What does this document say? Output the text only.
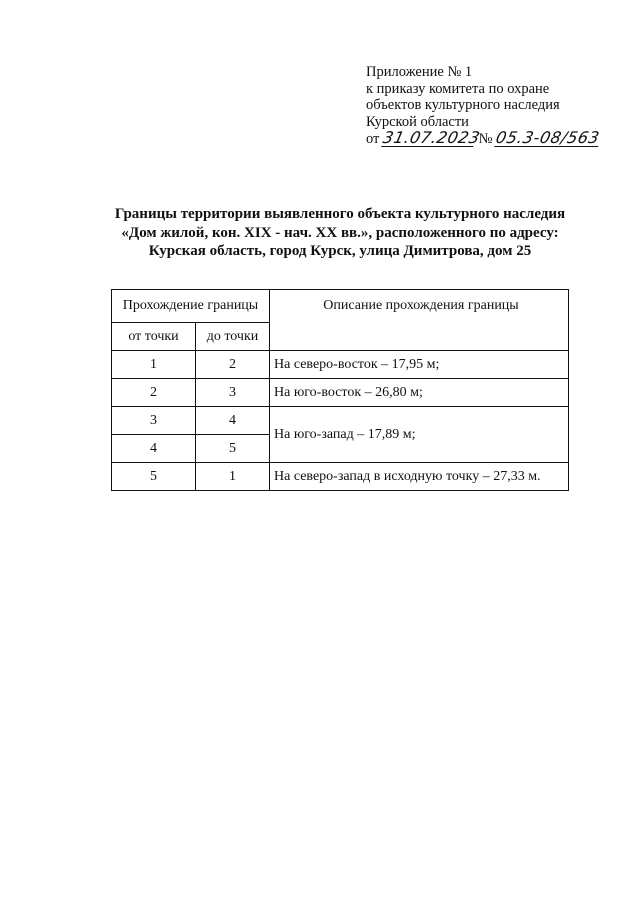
Приложение № 1
к приказу комитета по охране
объектов культурного наследия
Курской области
от 31.07.2023 № 05.3-08/563
Границы территории выявленного объекта культурного наследия
«Дом жилой, кон. XIX - нач. XX вв.», расположенного по адресу:
Курская область, город Курск, улица Димитрова, дом 25
Прохождение границы		Описание прохождения границы
от точки	до точки	
1	2	На северо-восток – 17,95 м;
2	3	На юго-восток – 26,80 м;
3	4	На юго-запад – 17,89 м;
4	5	
5	1	На северо-запад в исходную точку – 27,33 м.
